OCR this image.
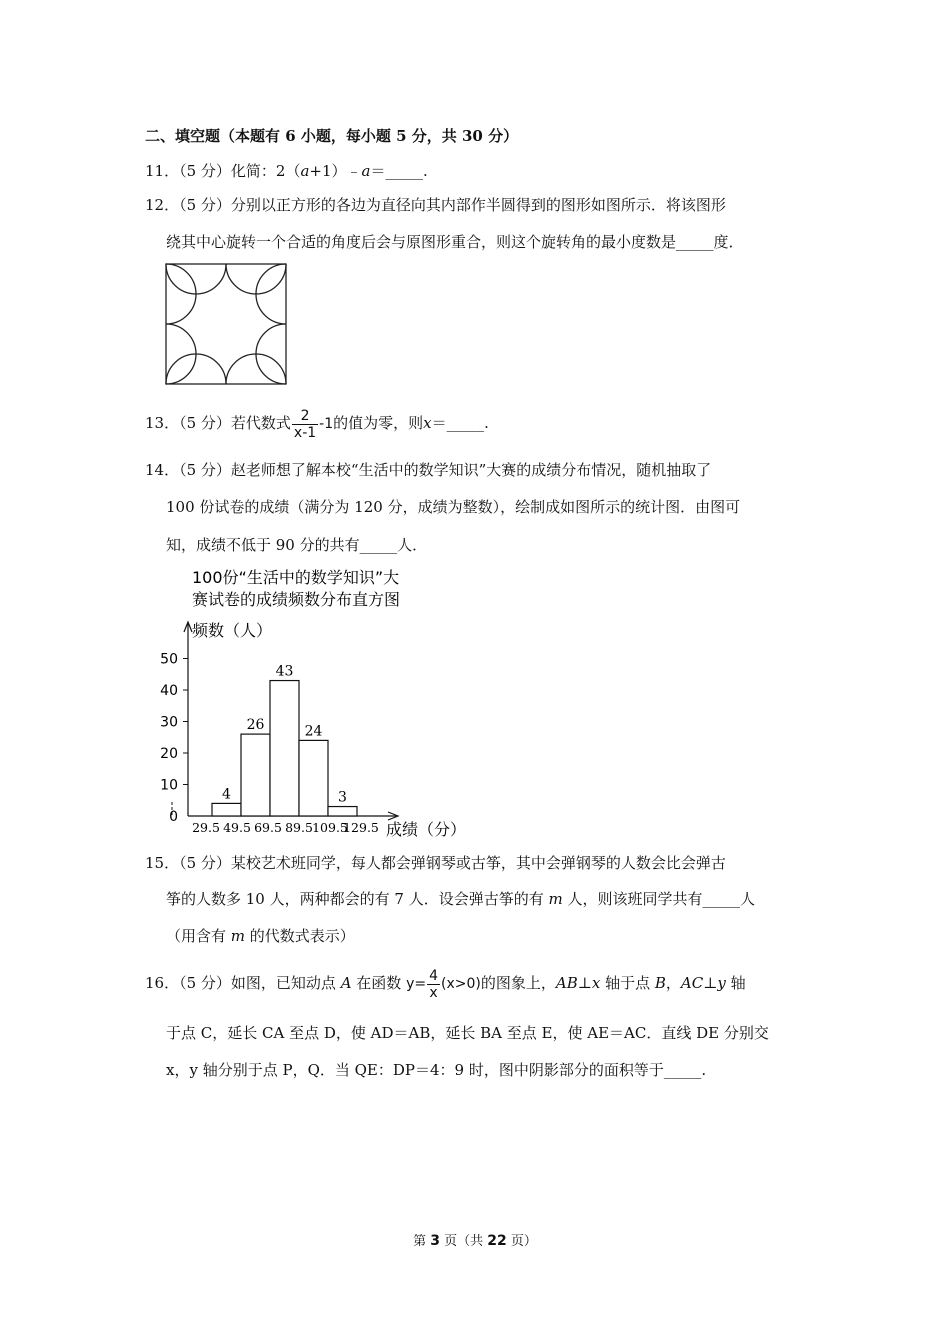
二、填空题（本题有 6 小题，每小题 5 分，共 30 分）
11．（5 分）化简：2（a+1）﹣a＝_____.
12．（5 分）分别以正方形的各边为直径向其内部作半圆得到的图形如图所示．将该图形
绕其中心旋转一个合适的角度后会与原图形重合，则这个旋转角的最小度数是_____度．
13．（5 分）若代数式 $\frac{2}{x-1} -1$的值为零，则x＝_____.
14．（5 分）赵老师想了解本校“生活中的数学知识”大赛的成绩分布情况，随机抽取了
100 份试卷的成绩（满分为 120 分，成绩为整数），绘制成如图所示的统计图．由图可
知，成绩不低于 90 分的共有_____人．
100份“生活中的数学知识”大
赛试卷的成绩频数分布直方图
频数（人）
成绩（分）
0
10
20
30
40
50
29.5 49.5 69.5 89.5 109.5
129.5
4
26
43
24
3
15．（5 分）某校艺术班同学，每人都会弹钢琴或古筝，其中会弹钢琴的人数会比会弹古
筝的人数多 10 人，两种都会的有 7 人．设会弹古筝的有 m 人，则该班同学共有_____人
（用含有 m 的代数式表示）
16．（5 分）如图，已知动点 A 在函数 $y= \frac{4}{x} (x>0)$的图象上，AB⊥x 轴于点 B，AC⊥y 轴
于点 C，延长 CA 至点 D，使 AD＝AB，延长 BA 至点 E，使 AE＝AC．直线 DE 分别交
x，y 轴分别于点 P，Q．当 QE：DP＝4：9 时，图中阴影部分的面积等于_____.
第 3 页（共 22 页）
